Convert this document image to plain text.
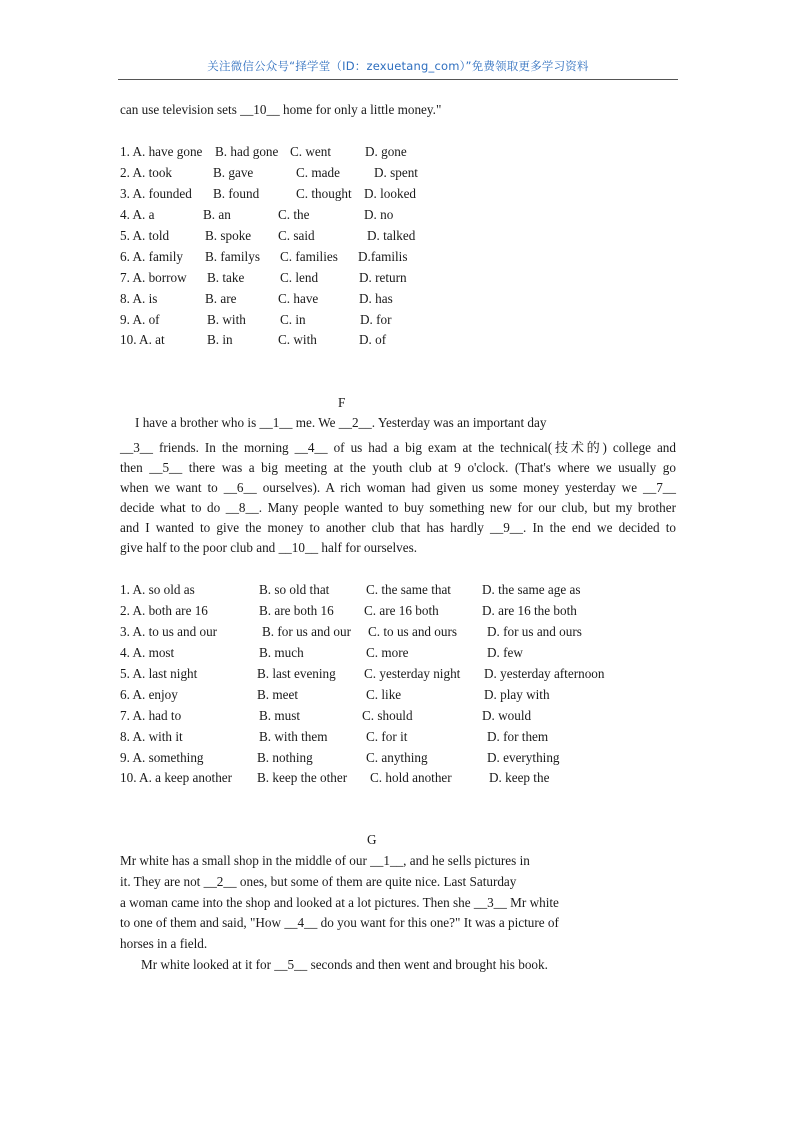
关注微信公众号“择学堂（ID：zexuetang_com）”免费领取更多学习资料
can use television sets __10__ home for only a little money."
1. A. have gone B. had gone C. went	D. gone
2. A. took	B. gave	C. made	D. spent
3. A. founded B. found	C. thought D. looked
4. A. a	B. an	C. the	D. no
5. A. told	B. spoke C. said	D. talked
6. A. family B. familys C. families D.familis
7. A. borrow B. take	C. lend	D. return
8. A. is	B. are	C. have	D. has
9. A. of	B. with	C. in	D. for
10. A. at	B. in	C. with	D. of
F
I have a brother who is __1__ me. We __2__. Yesterday was an important day
__3__ friends. In the morning __4__ of us had a big exam at the technical(技术的) college and
then __5__ there was a big meeting at the youth club at 9 o'clock. (That's where we usually go
when we want to __6__ ourselves). A rich woman had given us some money yesterday we __7__
decide what to do __8__. Many people wanted to buy something new for our club, but my brother
and I wanted to give the money to another club that has hardly __9__. In the end we decided to
give half to the poor club and __10__ half for ourselves.
1. A. so old as	B. so old that	C. the same that D. the same age as
2. A. both are 16	B. are both 16 C. are 16 both	D. are 16 the both
3. A. to us and our	B. for us and our C. to us and ours D. for us and ours
4. A. most	B. much	C. more	D. few
5. A. last night	B. last evening C. yesterday night D. yesterday afternoon
6. A. enjoy	B. meet	C. like	D. play with
7. A. had to	B. must	C. should	D. would
8. A. with it	B. with them	C. for it	D. for them
9. A. something	B. nothing	C. anything	D. everything
10. A. a keep another B. keep the other C. hold another	D. keep the
G
Mr white has a small shop in the middle of our __1__, and he sells pictures in
it. They are not __2__ ones, but some of them are quite nice. Last Saturday
a woman came into the shop and looked at a lot pictures. Then she __3__ Mr white
to one of them and said, "How __4__ do you want for this one?" It was a picture of
horses in a field.
Mr white looked at it for __5__ seconds and then went and brought his book.
